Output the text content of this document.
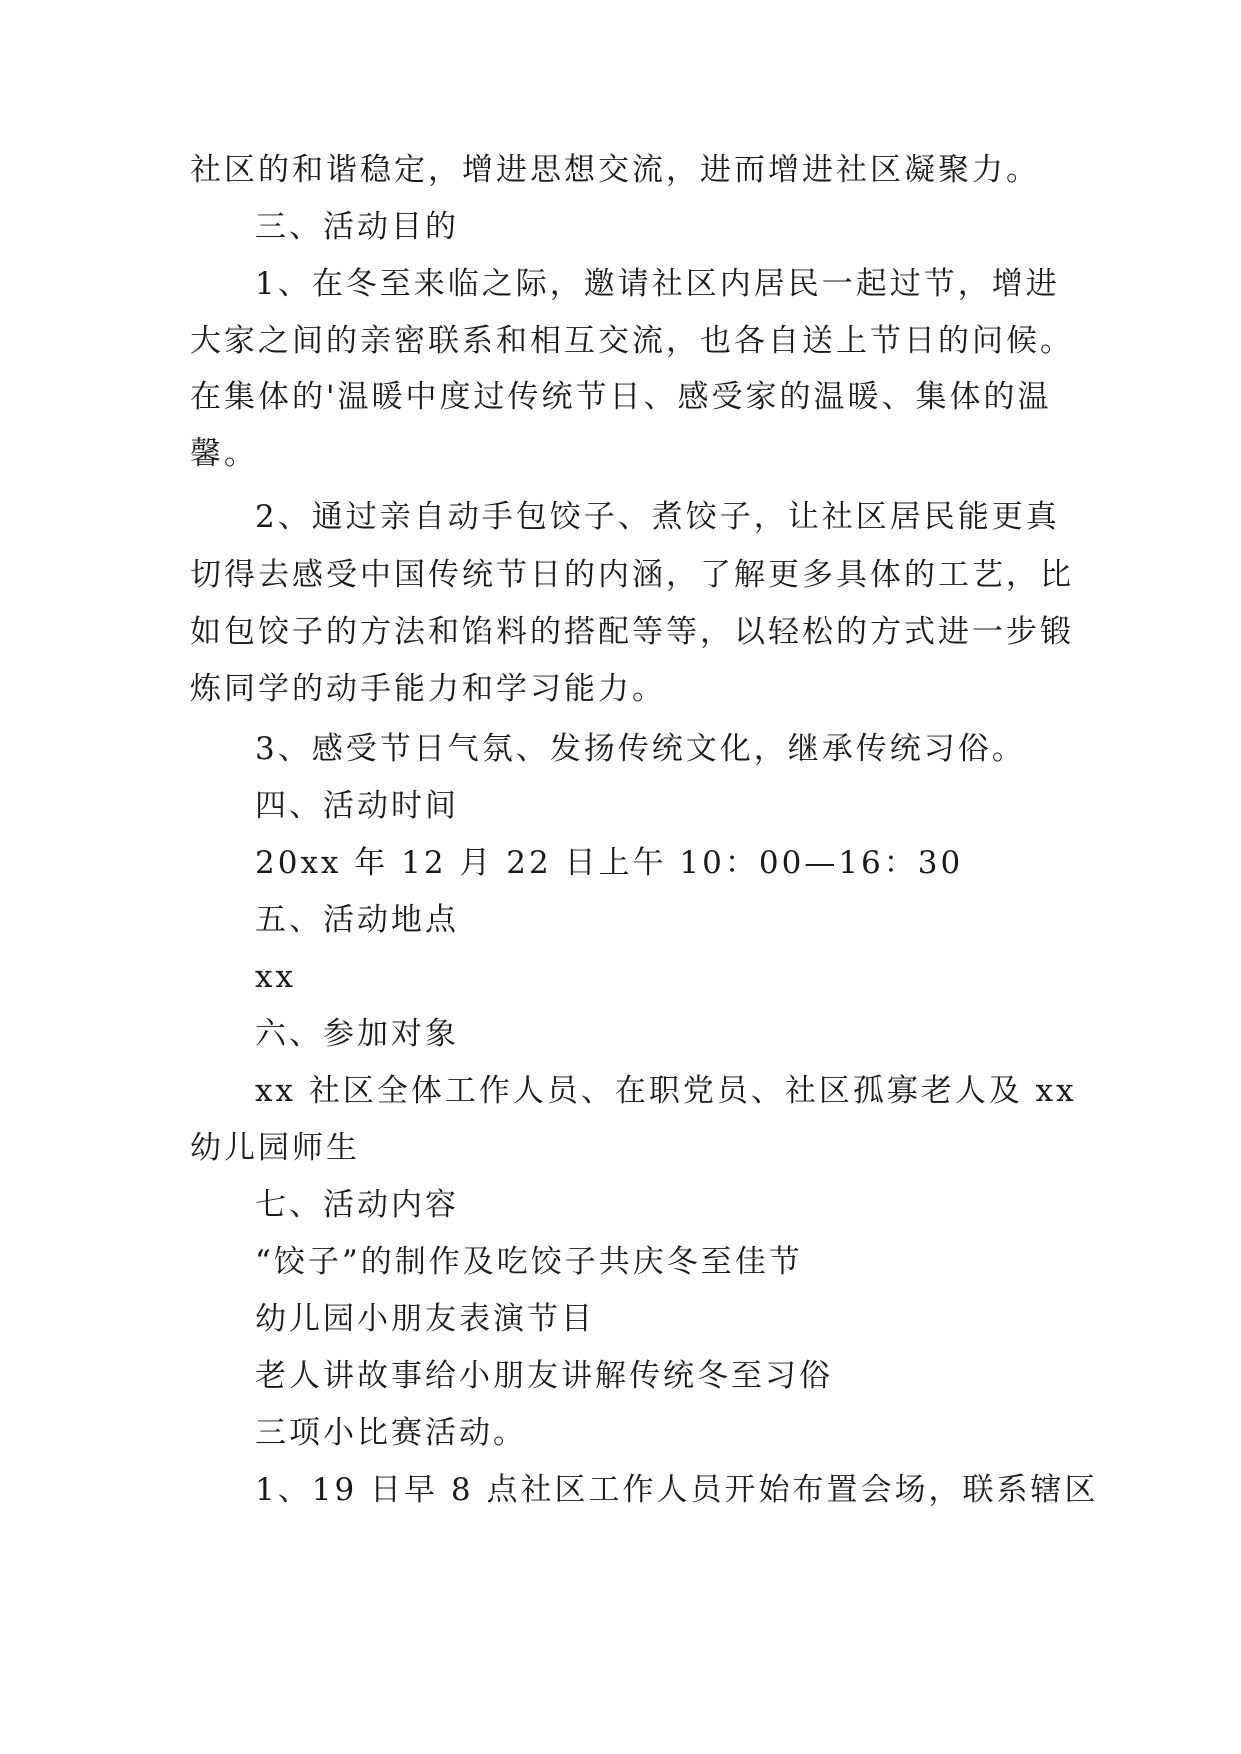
社区的和谐稳定，增进思想交流，进而增进社区凝聚力。
三、活动目的
1、在冬至来临之际，邀请社区内居民一起过节，增进
大家之间的亲密联系和相互交流，也各自送上节日的问候。
在集体的'温暖中度过传统节日、感受家的温暖、集体的温
馨。
2、通过亲自动手包饺子、煮饺子，让社区居民能更真
切得去感受中国传统节日的内涵，了解更多具体的工艺，比
如包饺子的方法和馅料的搭配等等，以轻松的方式进一步锻
炼同学的动手能力和学习能力。
3、感受节日气氛、发扬传统文化，继承传统习俗。
四、活动时间
20xx 年 12 月 22 日上午 10：00—16：30
五、活动地点
xx
六、参加对象
xx 社区全体工作人员、在职党员、社区孤寡老人及 xx
幼儿园师生
七、活动内容
“饺子”的制作及吃饺子共庆冬至佳节
幼儿园小朋友表演节目
老人讲故事给小朋友讲解传统冬至习俗
三项小比赛活动。
1、19 日早 8 点社区工作人员开始布置会场，联系辖区
